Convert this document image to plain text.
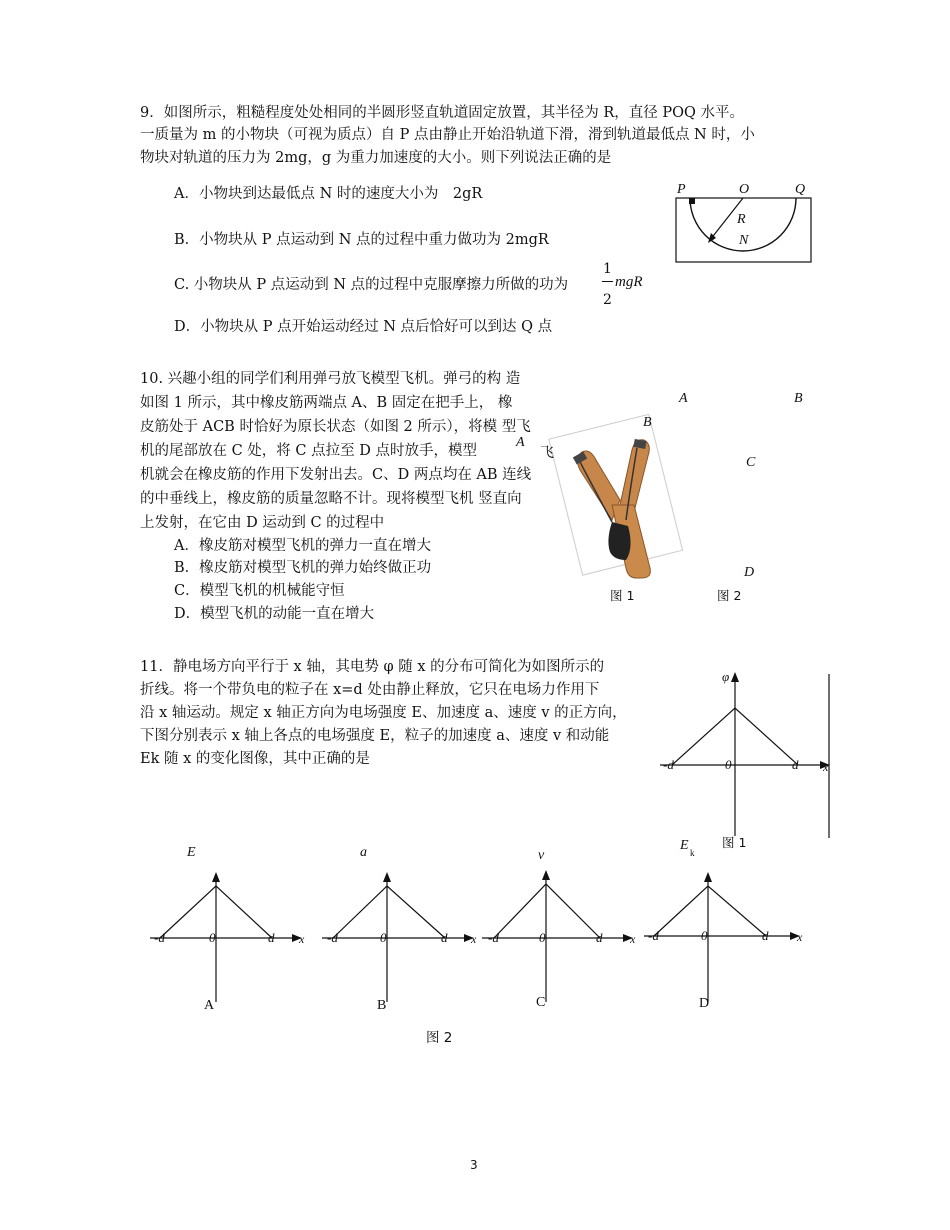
9．如图所示，粗糙程度处处相同的半圆形竖直轨道固定放置，其半径为 R，直径 POQ 水平。
一质量为 m 的小物块（可视为质点）自 P 点由静止开始沿轨道下滑，滑到轨道最低点 N 时，小
物块对轨道的压力为 2mg，g 为重力加速度的大小。则下列说法正确的是
A．小物块到达最低点 N 时的速度大小为　2gR
B．小物块从 P 点运动到 N 点的过程中重力做功为 2mgR
C. 小物块从 P 点运动到 N 点的过程中克服摩擦力所做的功为
1
2
mgR
D．小物块从 P 点开始运动经过 N 点后恰好可以到达 Q 点
P	O	Q
R
N
10. 兴趣小组的同学们利用弹弓放飞模型飞机。弹弓的构 造
如图 1 所示，其中橡皮筋两端点 A、B 固定在把手上， 橡
皮筋处于 ACB 时恰好为原长状态（如图 2 所示），将模 型飞
机的尾部放在 C 处，将 C 点拉至 D 点时放手，模型
机就会在橡皮筋的作用下发射出去。C、D 两点均在 AB 连线
的中垂线上，橡皮筋的质量忽略不计。现将模型飞机 竖直向
上发射，在它由 D 运动到 C 的过程中
A．橡皮筋对模型飞机的弹力一直在增大
B．橡皮筋对模型飞机的弹力始终做正功
C．模型飞机的机械能守恒
D．模型飞机的动能一直在增大
A
飞
B
A	B
C
D
图 1	图 2
11．静电场方向平行于 x 轴，其电势 φ 随 x 的分布可简化为如图所示的
折线。将一个带负电的粒子在 x=d 处由静止释放，它只在电场力作用下
沿 x 轴运动。规定 x 轴正方向为电场强度 E、加速度 a、速度 v 的正方向，
下图分别表示 x 轴上各点的电场强度 E，粒子的加速度 a、速度 v 和动能
Ek 随 x 的变化图像，其中正确的是
φ
-d	0	d x
图 1
E
-d	0	d x
A
a
-d	0	d x
B
v
-d	0	d x
C
E k
-d	0	d x
D
图 2
3
